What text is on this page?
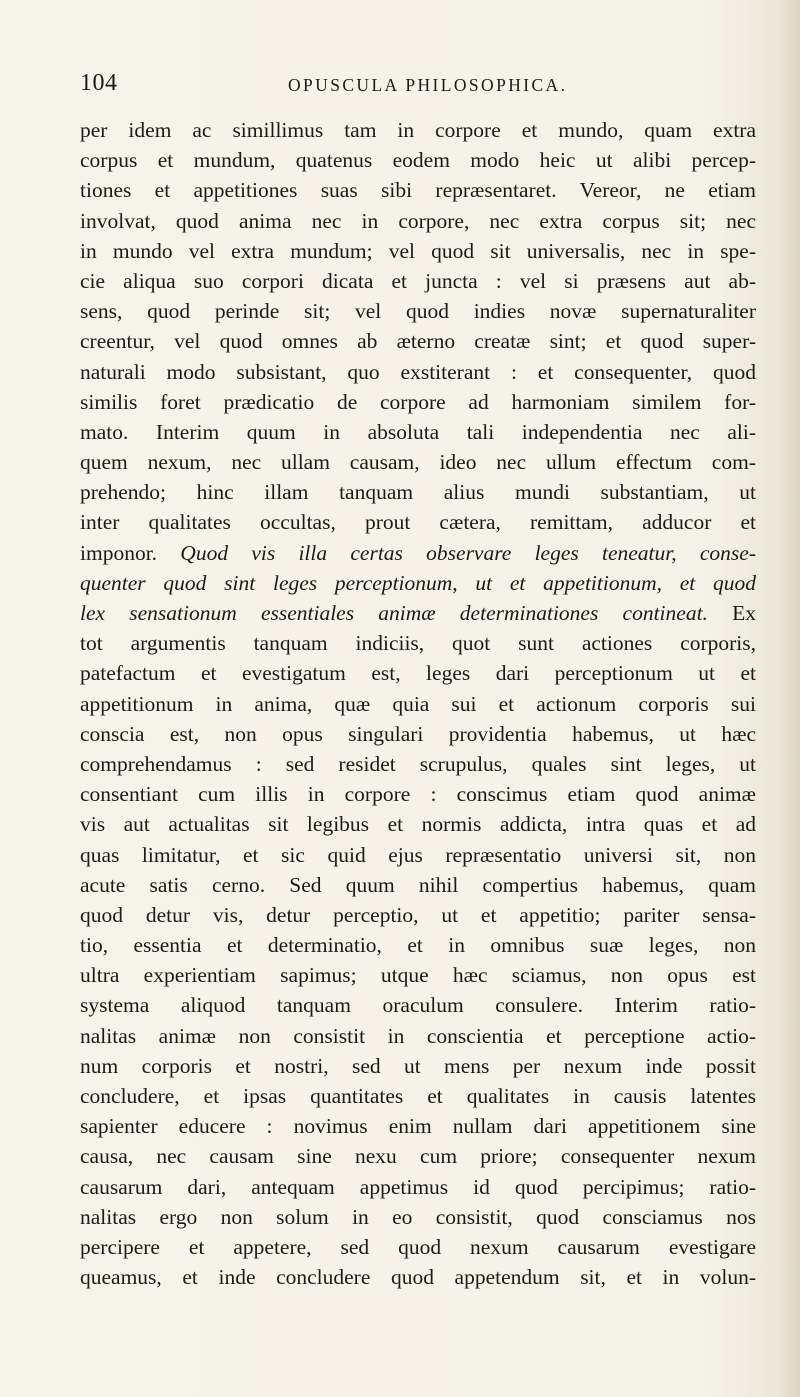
104	OPUSCULA PHILOSOPHICA.
per idem ac simillimus tam in corpore et mundo, quam extra
corpus et mundum, quatenus eodem modo heic ut alibi percep-
tiones et appetitiones suas sibi repræsentaret. Vereor, ne etiam
involvat, quod anima nec in corpore, nec extra corpus sit; nec
in mundo vel extra mundum; vel quod sit universalis, nec in spe-
cie aliqua suo corpori dicata et juncta : vel si præsens aut ab-
sens, quod perinde sit; vel quod indies novæ supernaturaliter
creentur, vel quod omnes ab æterno creatæ sint; et quod super-
naturali modo subsistant, quo exstiterant : et consequenter, quod
similis foret prædicatio de corpore ad harmoniam similem for-
mato. Interim quum in absoluta tali independentia nec ali-
quem nexum, nec ullam causam, ideo nec ullum effectum com-
prehendo; hinc illam tanquam alius mundi substantiam, ut
inter qualitates occultas, prout cætera, remittam, adducor et
imponor. Quod vis illa certas observare leges teneatur, conse-
quenter quod sint leges perceptionum, ut et appetitionum, et quod
lex sensationum essentiales animæ determinationes contineat. Ex
tot argumentis tanquam indiciis, quot sunt actiones corporis,
patefactum et evestigatum est, leges dari perceptionum ut et
appetitionum in anima, quæ quia sui et actionum corporis sui
conscia est, non opus singulari providentia habemus, ut hæc
comprehendamus : sed residet scrupulus, quales sint leges, ut
consentiant cum illis in corpore : conscimus etiam quod animæ
vis aut actualitas sit legibus et normis addicta, intra quas et ad
quas limitatur, et sic quid ejus repræsentatio universi sit, non
acute satis cerno. Sed quum nihil compertius habemus, quam
quod detur vis, detur perceptio, ut et appetitio; pariter sensa-
tio, essentia et determinatio, et in omnibus suæ leges, non
ultra experientiam sapimus; utque hæc sciamus, non opus est
systema aliquod tanquam oraculum consulere. Interim ratio-
nalitas animæ non consistit in conscientia et perceptione actio-
num corporis et nostri, sed ut mens per nexum inde possit
concludere, et ipsas quantitates et qualitates in causis latentes
sapienter educere : novimus enim nullam dari appetitionem sine
causa, nec causam sine nexu cum priore; consequenter nexum
causarum dari, antequam appetimus id quod percipimus; ratio-
nalitas ergo non solum in eo consistit, quod consciamus nos
percipere et appetere, sed quod nexum causarum evestigare
queamus, et inde concludere quod appetendum sit, et in volun-
